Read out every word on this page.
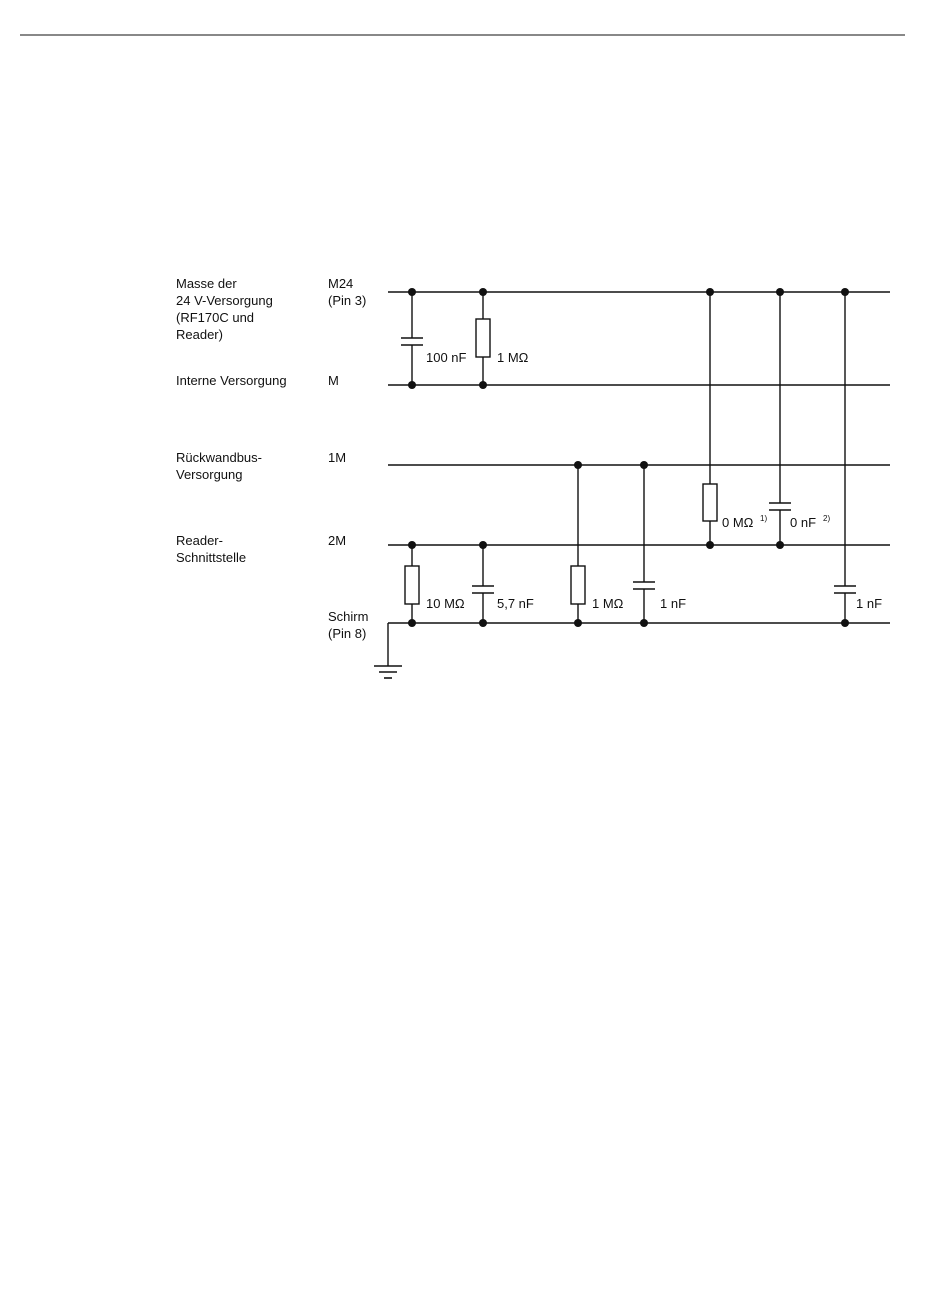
Masse der
24 V-Versorgung
(RF170C und
Reader)
Interne Versorgung
Rückwandbus-
Versorgung
Reader-
Schnittstelle
M24
(Pin 3)
M
1M
2M
Schirm
(Pin 8)
100 nF 1 MΩ
0 MΩ 1) 0 nF 2)
1 nF
1 MΩ	1 nF
10 MΩ 5,7 nF
